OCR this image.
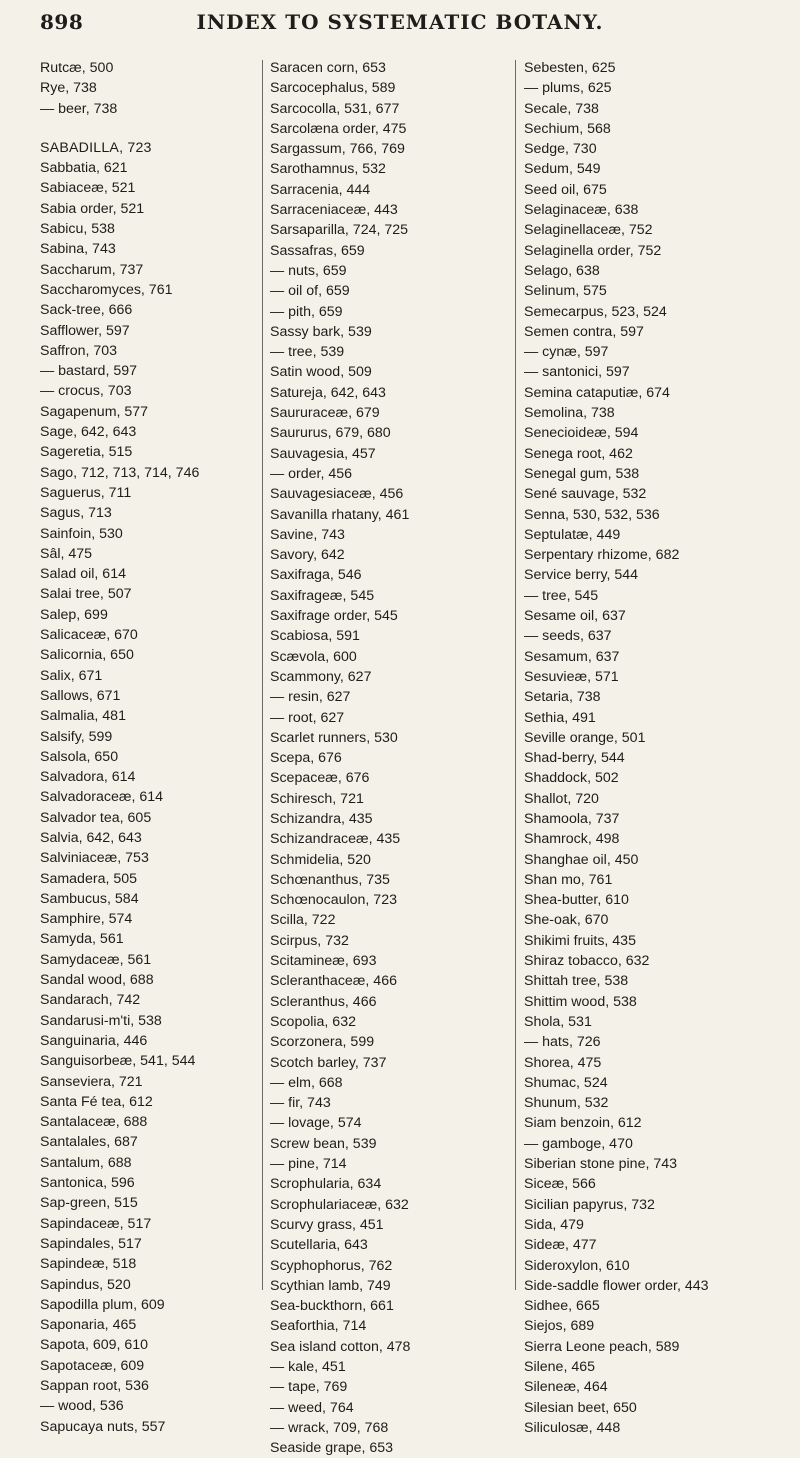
898	INDEX TO SYSTEMATIC BOTANY.
Rutcæ, 500
Rye, 738
— beer, 738
SABADILLA, 723
Sabbatia, 621
Sabiaceæ, 521
Sabia order, 521
Sabicu, 538
Sabina, 743
Saccharum, 737
Saccharomyces, 761
Sack-tree, 666
Safflower, 597
Saffron, 703
— bastard, 597
— crocus, 703
Sagapenum, 577
Sage, 642, 643
Sageretia, 515
Sago, 712, 713, 714, 746
Saguerus, 711
Sagus, 713
Sainfoin, 530
Sâl, 475
Salad oil, 614
Salai tree, 507
Salep, 699
Salicaceæ, 670
Salicornia, 650
Salix, 671
Sallows, 671
Salmalia, 481
Salsify, 599
Salsola, 650
Salvadora, 614
Salvadoraceæ, 614
Salvador tea, 605
Salvia, 642, 643
Salviniaceæ, 753
Samadera, 505
Sambucus, 584
Samphire, 574
Samyda, 561
Samydaceæ, 561
Sandal wood, 688
Sandarach, 742
Sandarusi-m'ti, 538
Sanguinaria, 446
Sanguisorbeæ, 541, 544
Sanseviera, 721
Santa Fé tea, 612
Santalaceæ, 688
Santalales, 687
Santalum, 688
Santonica, 596
Sap-green, 515
Sapindaceæ, 517
Sapindales, 517
Sapindeæ, 518
Sapindus, 520
Sapodilla plum, 609
Saponaria, 465
Sapota, 609, 610
Sapotaceæ, 609
Sappan root, 536
— wood, 536
Sapucaya nuts, 557
Saracen corn, 653
Sarcocephalus, 589
Sarcocolla, 531, 677
Sarcolæna order, 475
Sargassum, 766, 769
Sarothamnus, 532
Sarracenia, 444
Sarraceniaceæ, 443
Sarsaparilla, 724, 725
Sassafras, 659
— nuts, 659
— oil of, 659
— pith, 659
Sassy bark, 539
— tree, 539
Satin wood, 509
Satureja, 642, 643
Saururaceæ, 679
Saururus, 679, 680
Sauvagesia, 457
— order, 456
Sauvagesiaceæ, 456
Savanilla rhatany, 461
Savine, 743
Savory, 642
Saxifraga, 546
Saxifrageæ, 545
Saxifrage order, 545
Scabiosa, 591
Scævola, 600
Scammony, 627
— resin, 627
— root, 627
Scarlet runners, 530
Scepa, 676
Scepaceæ, 676
Schiresch, 721
Schizandra, 435
Schizandraceæ, 435
Schmidelia, 520
Schœnanthus, 735
Schœnocaulon, 723
Scilla, 722
Scirpus, 732
Scitamineæ, 693
Scleranthaceæ, 466
Scleranthus, 466
Scopolia, 632
Scorzonera, 599
Scotch barley, 737
— elm, 668
— fir, 743
— lovage, 574
Screw bean, 539
— pine, 714
Scrophularia, 634
Scrophulariaceæ, 632
Scurvy grass, 451
Scutellaria, 643
Scyphophorus, 762
Scythian lamb, 749
Sea-buckthorn, 661
Seaforthia, 714
Sea island cotton, 478
— kale, 451
— tape, 769
— weed, 764
— wrack, 709, 768
Seaside grape, 653
Sebesten, 625
— plums, 625
Secale, 738
Sechium, 568
Sedge, 730
Sedum, 549
Seed oil, 675
Selaginaceæ, 638
Selaginellaceæ, 752
Selaginella order, 752
Selago, 638
Selinum, 575
Semecarpus, 523, 524
Semen contra, 597
— cynæ, 597
— santonici, 597
Semina cataputiæ, 674
Semolina, 738
Senecioideæ, 594
Senega root, 462
Senegal gum, 538
Sené sauvage, 532
Senna, 530, 532, 536
Septulatæ, 449
Serpentary rhizome, 682
Service berry, 544
— tree, 545
Sesame oil, 637
— seeds, 637
Sesamum, 637
Sesuvieæ, 571
Setaria, 738
Sethia, 491
Seville orange, 501
Shad-berry, 544
Shaddock, 502
Shallot, 720
Shamoola, 737
Shamrock, 498
Shanghae oil, 450
Shan mo, 761
Shea-butter, 610
She-oak, 670
Shikimi fruits, 435
Shiraz tobacco, 632
Shittah tree, 538
Shittim wood, 538
Shola, 531
— hats, 726
Shorea, 475
Shumac, 524
Shunum, 532
Siam benzoin, 612
— gamboge, 470
Siberian stone pine, 743
Siceæ, 566
Sicilian papyrus, 732
Sida, 479
Sideæ, 477
Sideroxylon, 610
Side-saddle flower order, 443
Sidhee, 665
Siejos, 689
Sierra Leone peach, 589
Silene, 465
Sileneæ, 464
Silesian beet, 650
Siliculosæ, 448
